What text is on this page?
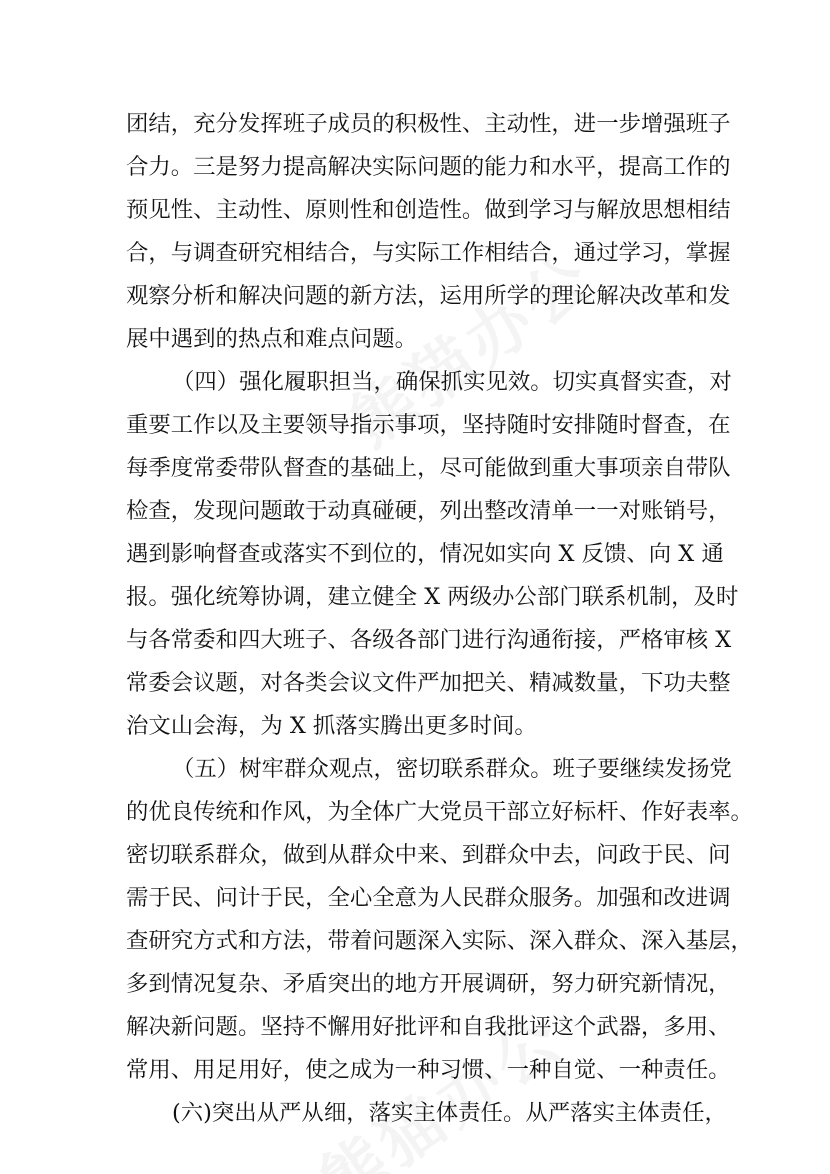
团结，充分发挥班子成员的积极性、主动性，进一步增强班子
合力。三是努力提高解决实际问题的能力和水平，提高工作的
预见性、主动性、原则性和创造性。做到学习与解放思想相结
合，与调查研究相结合，与实际工作相结合，通过学习，掌握
观察分析和解决问题的新方法，运用所学的理论解决改革和发
展中遇到的热点和难点问题。
（四）强化履职担当，确保抓实见效。切实真督实查，对
重要工作以及主要领导指示事项，坚持随时安排随时督查，在
每季度常委带队督查的基础上，尽可能做到重大事项亲自带队
检查，发现问题敢于动真碰硬，列出整改清单一一对账销号，
遇到影响督查或落实不到位的，情况如实向 X 反馈、向 X 通
报。强化统筹协调，建立健全 X 两级办公部门联系机制，及时
与各常委和四大班子、各级各部门进行沟通衔接，严格审核 X
常委会议题，对各类会议文件严加把关、精减数量，下功夫整
治文山会海，为 X 抓落实腾出更多时间。
（五）树牢群众观点，密切联系群众。班子要继续发扬党
的优良传统和作风，为全体广大党员干部立好标杆、作好表率。
密切联系群众，做到从群众中来、到群众中去，问政于民、问
需于民、问计于民，全心全意为人民群众服务。加强和改进调
查研究方式和方法，带着问题深入实际、深入群众、深入基层，
多到情况复杂、矛盾突出的地方开展调研，努力研究新情况，
解决新问题。坚持不懈用好批评和自我批评这个武器，多用、
常用、用足用好，使之成为一种习惯、一种自觉、一种责任。
(六)突出从严从细，落实主体责任。从严落实主体责任，
